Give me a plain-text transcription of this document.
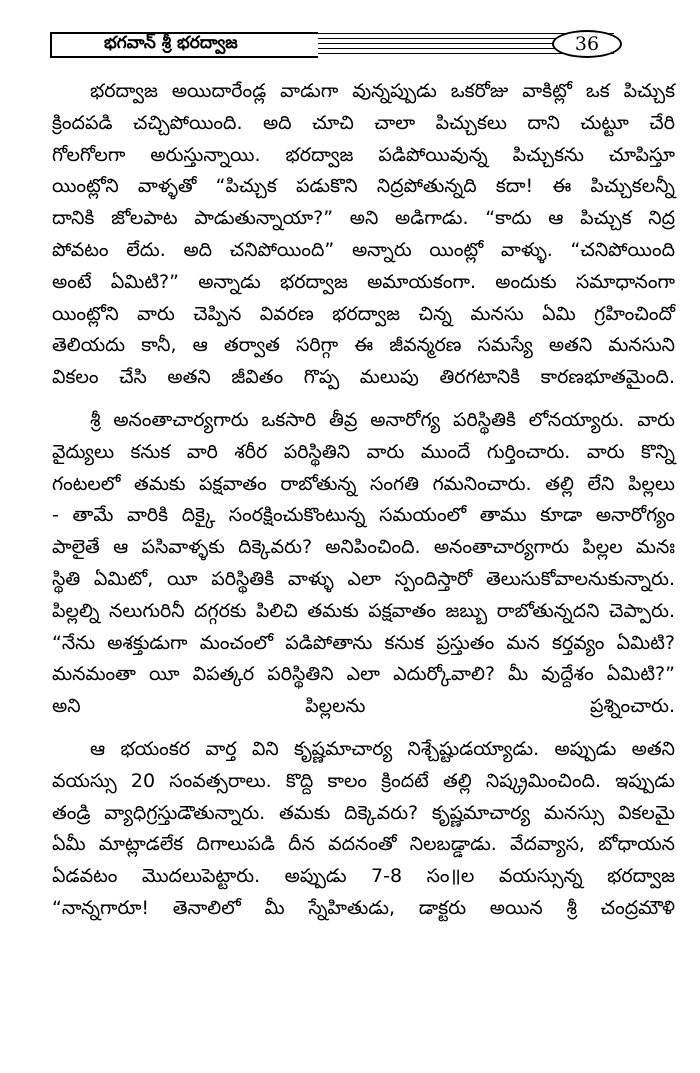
భగవాన్ శ్రీ భరద్వాజ	36

భరద్వాజ అయిదారేండ్ల వాడుగా వున్నప్పుడు ఒకరోజు వాకిట్లో ఒక పిచ్చుక
క్రిందపడి చచ్చిపోయింది. అది చూచి చాలా పిచ్చుకలు దాని చుట్టూ చేరి
గోలగోలగా అరుస్తున్నాయి. భరద్వాజ పడిపోయివున్న పిచ్చుకను చూపిస్తూ
యింట్లోని వాళ్ళతో “పిచ్చుక పడుకొని నిద్రపోతున్నది కదా! ఈ పిచ్చుకలన్నీ
దానికి జోలపాట పాడుతున్నాయా?” అని అడిగాడు. “కాదు ఆ పిచ్చుక నిద్ర
పోవటం లేదు. అది చనిపోయింది” అన్నారు యింట్లో వాళ్ళు. “చనిపోయింది
అంటే ఏమిటి?” అన్నాడు భరద్వాజ అమాయకంగా. అందుకు సమాధానంగా
యింట్లోని వారు చెప్పిన వివరణ భరద్వాజ చిన్న మనసు ఏమి గ్రహించిందో
తెలియదు కానీ, ఆ తర్వాత సరిగ్గా ఈ జీవన్మరణ సమస్యే అతని మనసుని
వికలం చేసి అతని జీవితం గొప్ప మలుపు తిరగటానికి కారణభూతమైంది.

శ్రీ అనంతాచార్యగారు ఒకసారి తీవ్ర అనారోగ్య పరిస్థితికి లోనయ్యారు. వారు
వైద్యులు కనుక వారి శరీర పరిస్థితిని వారు ముందే గుర్తించారు. వారు కొన్ని
గంటలలో తమకు పక్షవాతం రాబోతున్న సంగతి గమనించారు. తల్లి లేని పిల్లలు
- తామే వారికి దిక్కై సంరక్షించుకొంటున్న సమయంలో తాము కూడా అనారోగ్యం
పాలైతే ఆ పసివాళ్ళకు దిక్కెవరు? అనిపించింది. అనంతాచార్యగారు పిల్లల మనః
స్థితి ఏమిటో, యీ పరిస్థితికి వాళ్ళు ఎలా స్పందిస్తారో తెలుసుకోవాలనుకున్నారు.
పిల్లల్ని నలుగురినీ దగ్గరకు పిలిచి తమకు పక్షవాతం జబ్బు రాబోతున్నదని చెప్పారు.
“నేను అశక్తుడుగా మంచంలో పడిపోతాను కనుక ప్రస్తుతం మన కర్తవ్యం ఏమిటి?
మనమంతా యీ విపత్కర పరిస్థితిని ఎలా ఎదుర్కోవాలి? మీ వుద్దేశం ఏమిటి?”
అని పిల్లలను ప్రశ్నించారు.

ఆ భయంకర వార్త విని కృష్ణమాచార్య నిశ్చేష్టుడయ్యాడు. అప్పుడు అతని
వయస్సు 20 సంవత్సరాలు. కొద్ది కాలం క్రిందటే తల్లి నిష్క్రమించింది. ఇప్పుడు
తండ్రి వ్యాధిగ్రస్తుడౌతున్నారు. తమకు దిక్కెవరు? కృష్ణమాచార్య మనస్సు వికలమై
ఏమీ మాట్లాడలేక దిగాలుపడి దీన వదనంతో నిలబడ్డాడు. వేదవ్యాస, బోధాయన
ఏడవటం మొదలుపెట్టారు. అప్పుడు 7-8 సం॥ల వయస్సున్న భరద్వాజ
“నాన్నగారూ! తెనాలిలో మీ స్నేహితుడు, డాక్టరు అయిన శ్రీ చంద్రమౌళి
